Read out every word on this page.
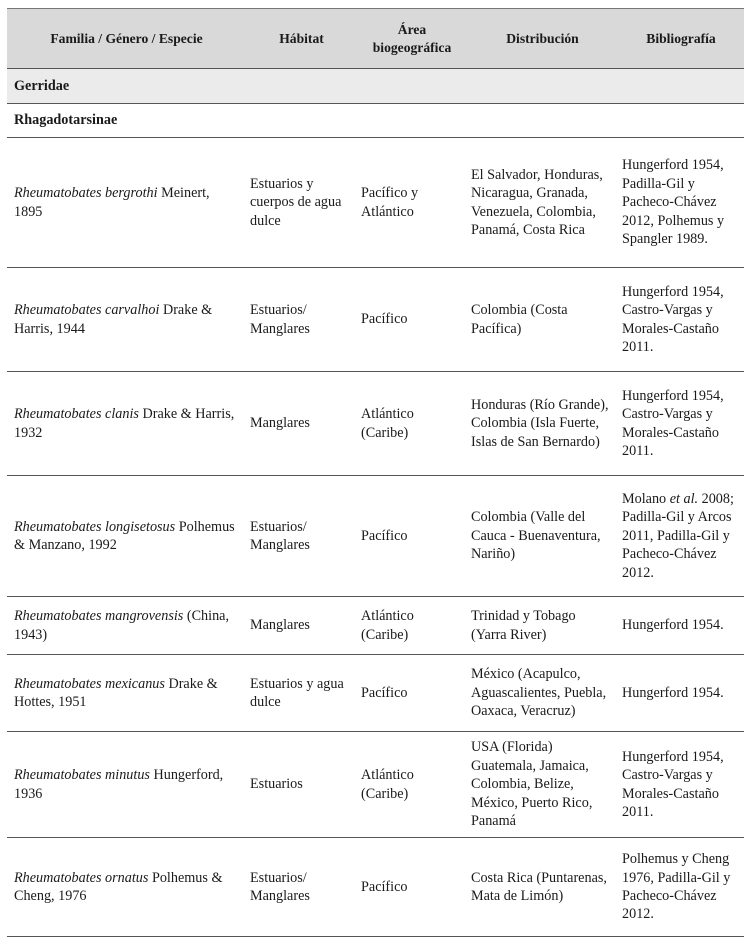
Familia / Género / Especie	Hábitat	Área biogeográfica	Distribución	Bibliografía
Gerridae				
Rhagadotarsinae				
Rheumatobates bergrothi Meinert, 1895	Estuarios y cuerpos de agua dulce	Pacífico y Atlántico	El Salvador, Honduras, Nicaragua, Granada, Venezuela, Colombia, Panamá, Costa Rica	Hungerford 1954, Padilla-Gil y Pacheco-Chávez 2012, Polhemus y Spangler 1989.
Rheumatobates carvalhoi Drake & Harris, 1944	Estuarios/ Manglares	Pacífico	Colombia (Costa Pacífica)	Hungerford 1954, Castro-Vargas y Morales-Castaño 2011.
Rheumatobates clanis Drake & Harris, 1932	Manglares	Atlántico (Caribe)	Honduras (Río Grande), Colombia (Isla Fuerte, Islas de San Bernardo)	Hungerford 1954, Castro-Vargas y Morales-Castaño 2011.
Rheumatobates longisetosus Polhemus & Manzano, 1992	Estuarios/ Manglares	Pacífico	Colombia (Valle del Cauca - Buenaventura, Nariño)	Molano et al. 2008; Padilla-Gil y Arcos 2011, Padilla-Gil y Pacheco-Chávez 2012.
Rheumatobates mangrovensis (China, 1943)	Manglares	Atlántico (Caribe)	Trinidad y Tobago (Yarra River)	Hungerford 1954.
Rheumatobates mexicanus Drake & Hottes, 1951	Estuarios y agua dulce	Pacífico	México (Acapulco, Aguascalientes, Puebla, Oaxaca, Veracruz)	Hungerford 1954.
Rheumatobates minutus Hungerford, 1936	Estuarios	Atlántico (Caribe)	USA (Florida) Guatemala, Jamaica, Colombia, Belize, México, Puerto Rico, Panamá	Hungerford 1954, Castro-Vargas y Morales-Castaño 2011.
Rheumatobates ornatus Polhemus & Cheng, 1976	Estuarios/ Manglares	Pacífico	Costa Rica (Puntarenas, Mata de Limón)	Polhemus y Cheng 1976, Padilla-Gil y Pacheco-Chávez 2012.
